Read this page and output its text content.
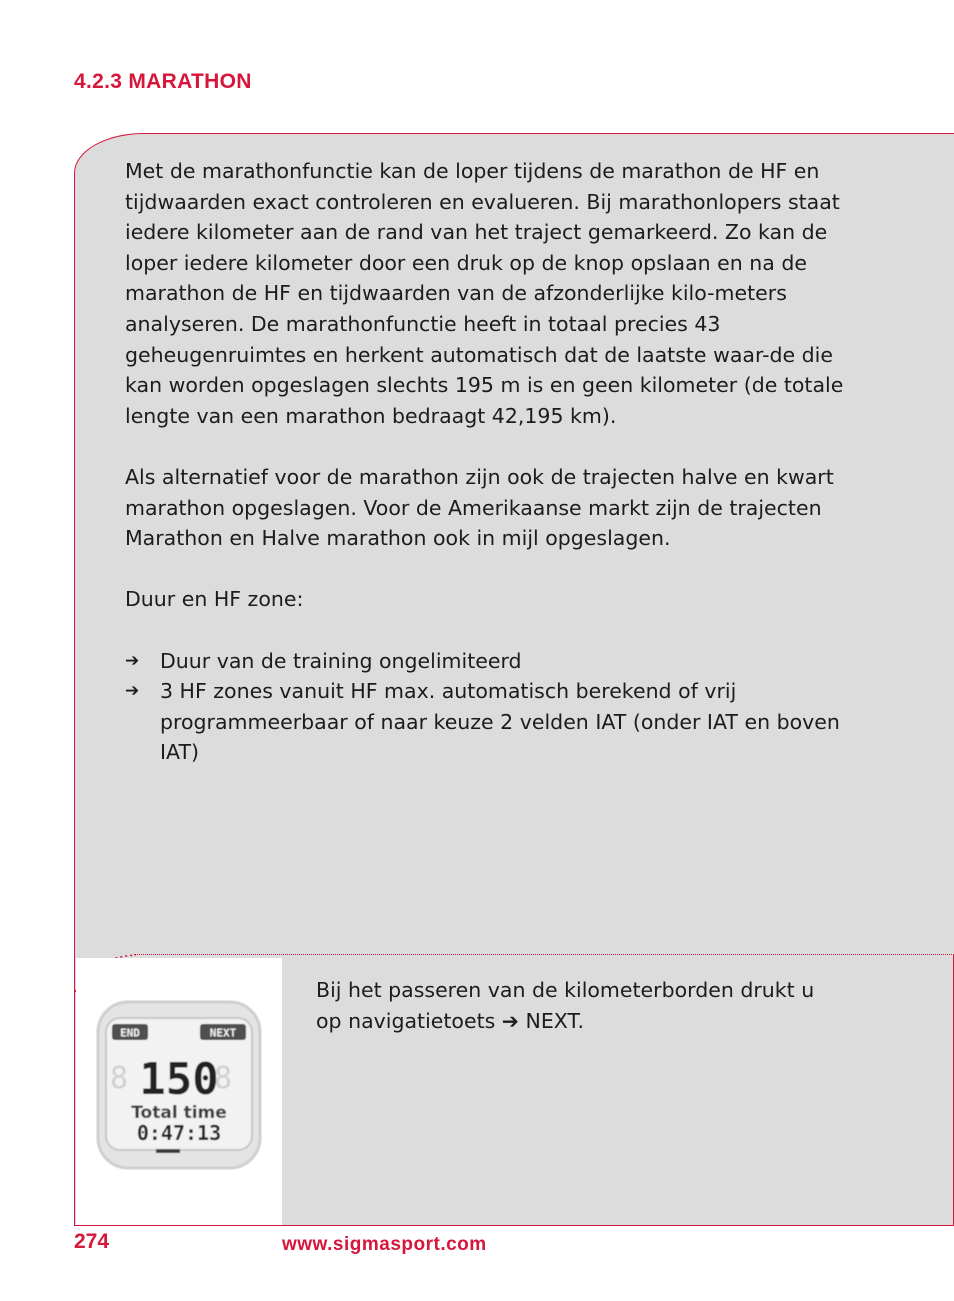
4.2.3 MARATHON
END	NEXT
8	8
150
Total time
0:47:13

Met de marathonfunctie kan de loper tijdens de marathon de HF en tijdwaarden exact controleren en evalueren. Bij marathonlopers staat iedere kilometer aan de rand van het traject gemarkeerd. Zo kan de loper iedere kilometer door een druk op de knop opslaan en na de marathon de HF en tijdwaarden van de afzonderlijke kilo-meters analyseren. De marathonfunctie heeft in totaal precies 43 geheugenruimtes en herkent automatisch dat de laatste waar-de die kan worden opgeslagen slechts 195 m is en geen kilometer (de totale lengte van een marathon bedraagt 42,195 km).

Als alternatief voor de marathon zijn ook de trajecten halve en kwart marathon opgeslagen. Voor de Amerikaanse markt zijn de trajecten Marathon en Halve marathon ook in mijl opgeslagen.

Duur en HF zone:

➔ Duur van de training ongelimiteerd
➔ 3 HF zones vanuit HF max. automatisch berekend of vrij programmeerbaar of naar keuze 2 velden IAT (onder IAT en boven IAT)
Bij het passeren van de kilometerborden drukt u op navigatietoets ➔ NEXT.
274	www.sigmasport.com
